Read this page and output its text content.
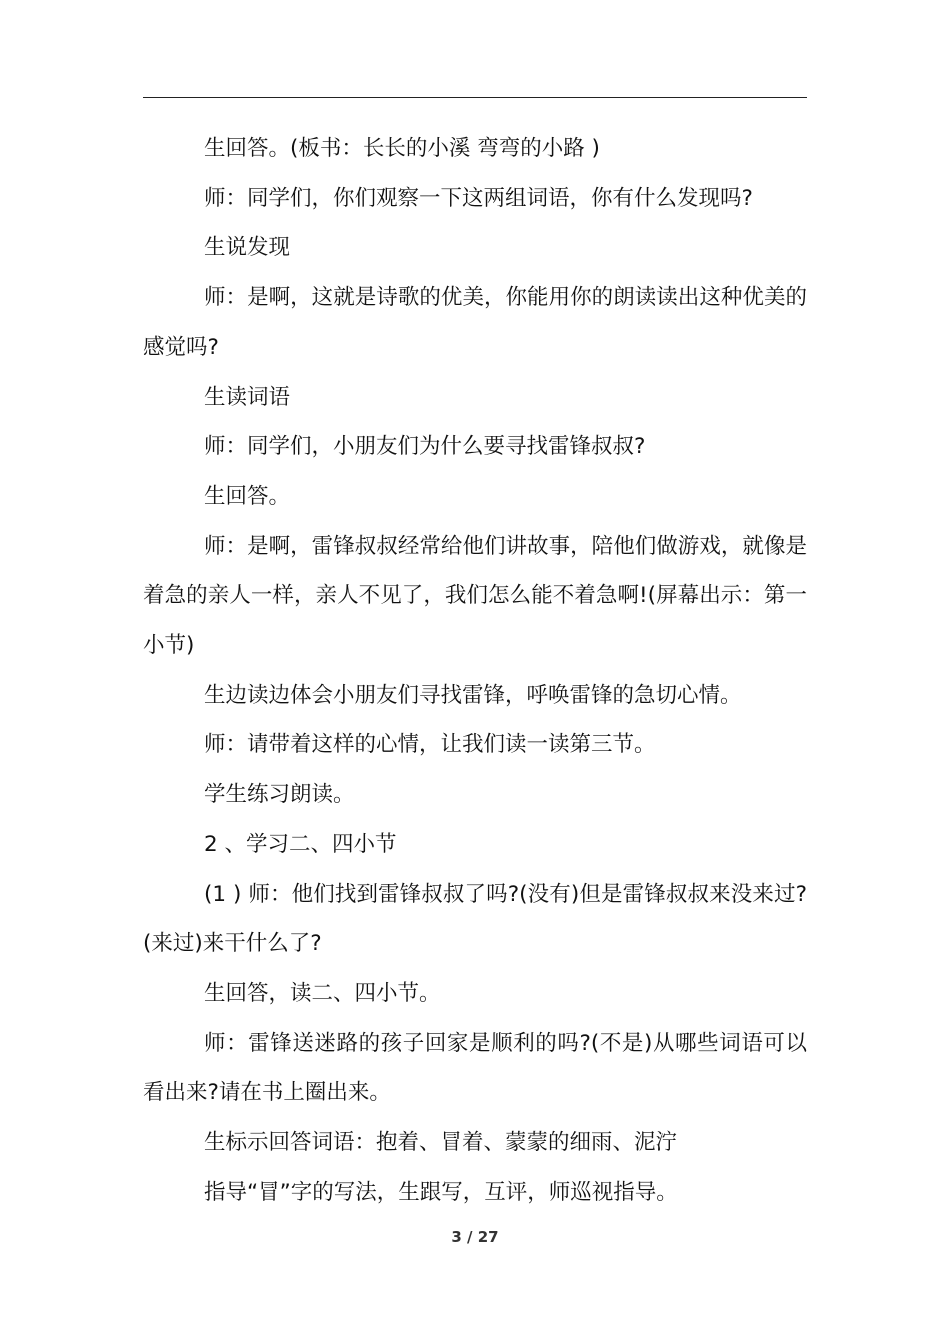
生回答。(板书：长长的小溪 弯弯的小路 )

师：同学们，你们观察一下这两组词语，你有什么发现吗?

生说发现

师：是啊，这就是诗歌的优美，你能用你的朗读读出这种优美的感觉吗?

生读词语

师：同学们，小朋友们为什么要寻找雷锋叔叔?

生回答。

师：是啊，雷锋叔叔经常给他们讲故事，陪他们做游戏，就像是着急的亲人一样，亲人不见了，我们怎么能不着急啊!(屏幕出示：第一小节)

生边读边体会小朋友们寻找雷锋，呼唤雷锋的急切心情。

师：请带着这样的心情，让我们读一读第三节。

学生练习朗读。

2 、学习二、四小节

(1 ) 师：他们找到雷锋叔叔了吗?(没有)但是雷锋叔叔来没来过?(来过)来干什么了?

生回答，读二、四小节。

师：雷锋送迷路的孩子回家是顺利的吗?(不是)从哪些词语可以看出来?请在书上圈出来。

生标示回答词语：抱着、冒着、蒙蒙的细雨、泥泞

指导“冒”字的写法，生跟写，互评，师巡视指导。

3 / 27
